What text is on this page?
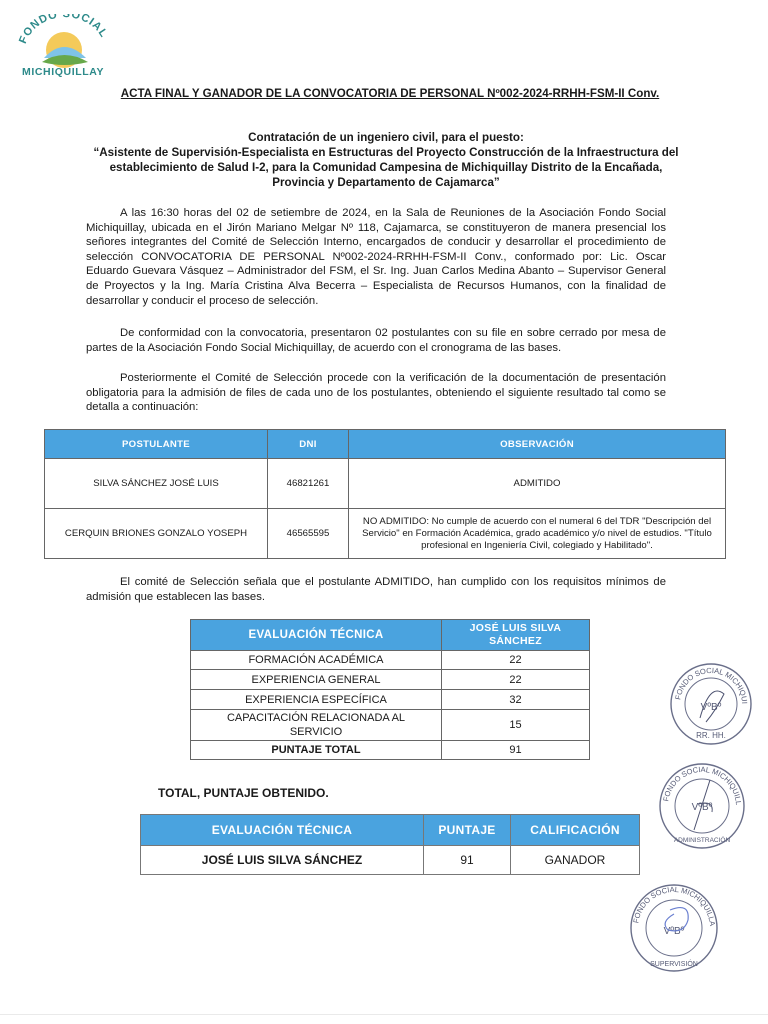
FONDO SOCIAL
MICHIQUILLAY
ACTA FINAL Y GANADOR DE LA CONVOCATORIA DE PERSONAL Nº002-2024-RRHH-FSM-II Conv.
Contratación de un ingeniero civil, para el puesto:
“Asistente de Supervisión-Especialista en Estructuras del Proyecto Construcción de la Infraestructura del establecimiento de Salud I-2, para la Comunidad Campesina de Michiquillay Distrito de la Encañada, Provincia y Departamento de Cajamarca”
A las 16:30 horas del 02 de setiembre de 2024, en la Sala de Reuniones de la Asociación Fondo Social Michiquillay, ubicada en el Jirón Mariano Melgar Nº 118, Cajamarca, se constituyeron de manera presencial los señores integrantes del Comité de Selección Interno, encargados de conducir y desarrollar el procedimiento de selección CONVOCATORIA DE PERSONAL Nº002-2024-RRHH-FSM-II Conv., conformado por: Lic. Oscar Eduardo Guevara Vásquez – Administrador del FSM, el Sr. Ing. Juan Carlos Medina Abanto – Supervisor General de Proyectos y la Ing. María Cristina Alva Becerra – Especialista de Recursos Humanos, con la finalidad de desarrollar y conducir el proceso de selección.
De conformidad con la convocatoria, presentaron 02 postulantes con su file en sobre cerrado por mesa de partes de la Asociación Fondo Social Michiquillay, de acuerdo con el cronograma de las bases.
Posteriormente el Comité de Selección procede con la verificación de la documentación de presentación obligatoria para la admisión de files de cada uno de los postulantes, obteniendo el siguiente resultado tal como se detalla a continuación:
POSTULANTE	DNI	OBSERVACIÓN
SILVA SÁNCHEZ JOSÉ LUIS	46821261	ADMITIDO
CERQUIN BRIONES GONZALO YOSEPH	46565595	NO ADMITIDO: No cumple de acuerdo con el numeral 6 del TDR "Descripción del Servicio" en Formación Académica, grado académico y/o nivel de estudios. "Título profesional en Ingeniería Civil, colegiado y Habilitado".
El comité de Selección señala que el postulante ADMITIDO, han cumplido con los requisitos mínimos de admisión que establecen las bases.
EVALUACIÓN TÉCNICA	JOSÉ LUIS SILVA SÁNCHEZ
FORMACIÓN ACADÉMICA	22
EXPERIENCIA GENERAL	22
EXPERIENCIA ESPECÍFICA	32
CAPACITACIÓN RELACIONADA AL SERVICIO	15
PUNTAJE TOTAL	91
TOTAL, PUNTAJE OBTENIDO.
EVALUACIÓN TÉCNICA	PUNTAJE	CALIFICACIÓN
JOSÉ LUIS SILVA SÁNCHEZ	91	GANADOR
FONDO SOCIAL MICHIQUI
VºBº
RR. HH.
FONDO SOCIAL MICHIQUILL
VºBº
ADMINISTRACIÓN
FONDO SOCIAL MICHIQUILLA
VºBº
SUPERVISIÓN
